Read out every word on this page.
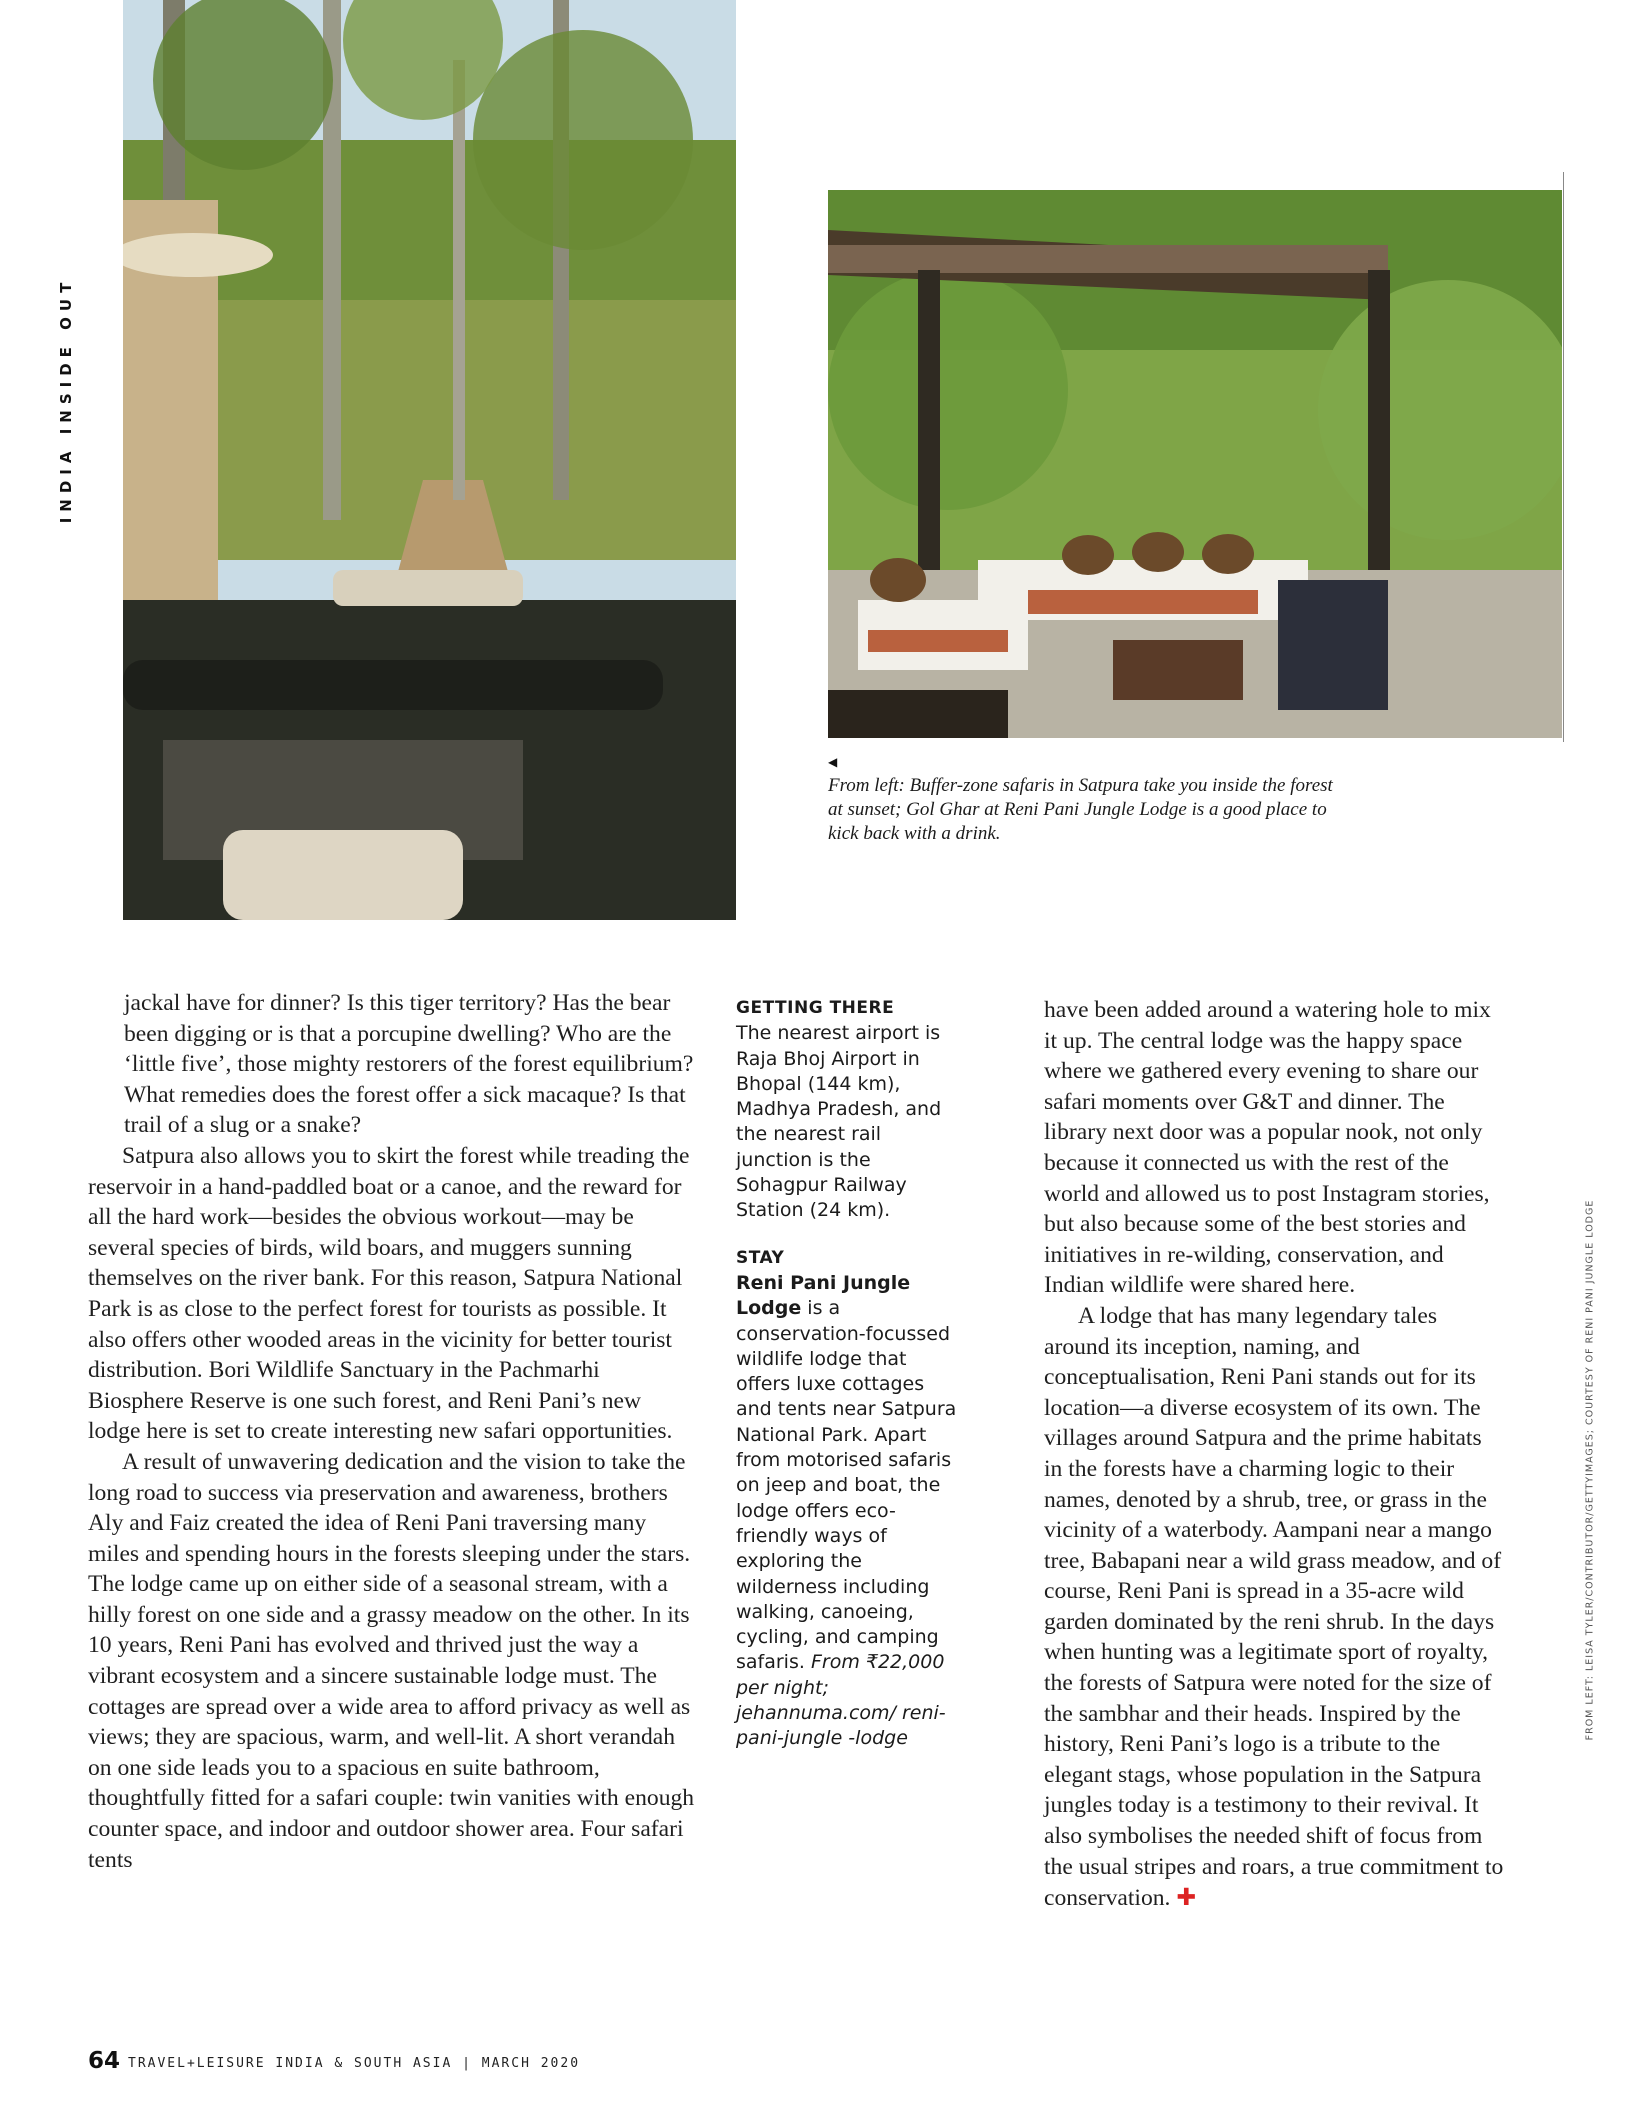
INDIA INSIDE OUT
◀
From left: Buffer-zone safaris in Satpura take you inside the forest at sunset; Gol Ghar at Reni Pani Jungle Lodge is a good place to kick back with a drink.

jackal have for dinner? Is this tiger territory? Has the bear been digging or is that a porcupine dwelling? Who are the ‘little five’, those mighty restorers of the forest equilibrium? What remedies does the forest offer a sick macaque? Is that trail of a slug or a snake?

Satpura also allows you to skirt the forest while treading the reservoir in a hand-paddled boat or a canoe, and the reward for all the hard work—besides the obvious workout—may be several species of birds, wild boars, and muggers sunning themselves on the river bank. For this reason, Satpura National Park is as close to the perfect forest for tourists as possible. It also offers other wooded areas in the vicinity for better tourist distribution. Bori Wildlife Sanctuary in the Pachmarhi Biosphere Reserve is one such forest, and Reni Pani’s new lodge here is set to create interesting new safari opportunities.

A result of unwavering dedication and the vision to take the long road to success via preservation and awareness, brothers Aly and Faiz created the idea of Reni Pani traversing many miles and spending hours in the forests sleeping under the stars. The lodge came up on either side of a seasonal stream, with a hilly forest on one side and a grassy meadow on the other. In its 10 years, Reni Pani has evolved and thrived just the way a vibrant ecosystem and a sincere sustainable lodge must. The cottages are spread over a wide area to afford privacy as well as views; they are spacious, warm, and well-lit. A short verandah on one side leads you to a spacious en suite bathroom, thoughtfully fitted for a safari couple: twin vanities with enough counter space, and indoor and outdoor shower area. Four safari tents

GETTING THERE
The nearest airport is Raja Bhoj Airport in Bhopal (144 km), Madhya Pradesh, and the nearest rail junction is the Sohagpur Railway Station (24 km).
STAY
Reni Pani Jungle Lodge is a conservation-focussed wildlife lodge that offers luxe cottages and tents near Satpura National Park. Apart from motorised safaris on jeep and boat, the lodge offers eco-friendly ways of exploring the wilderness including walking, canoeing, cycling, and camping safaris. From ₹22,000 per night; jehannuma.com/ reni-pani-jungle -lodge

have been added around a watering hole to mix it up. The central lodge was the happy space where we gathered every evening to share our safari moments over G&T and dinner. The library next door was a popular nook, not only because it connected us with the rest of the world and allowed us to post Instagram stories, but also because some of the best stories and initiatives in re-wilding, conservation, and Indian wildlife were shared here.

A lodge that has many legendary tales around its inception, naming, and conceptualisation, Reni Pani stands out for its location—a diverse ecosystem of its own. The villages around Satpura and the prime habitats in the forests have a charming logic to their names, denoted by a shrub, tree, or grass in the vicinity of a waterbody. Aampani near a mango tree, Babapani near a wild grass meadow, and of course, Reni Pani is spread in a 35-acre wild garden dominated by the reni shrub. In the days when hunting was a legitimate sport of royalty, the forests of Satpura were noted for the size of the sambhar and their heads. Inspired by the history, Reni Pani’s logo is a tribute to the elegant stags, whose population in the Satpura jungles today is a testimony to their revival. It also symbolises the needed shift of focus from the usual stripes and roars, a true commitment to conservation. ✚

FROM LEFT: LEISA TYLER/CONTRIBUTOR/GETTYIMAGES; COURTESY OF RENI PANI JUNGLE LODGE
64 TRAVEL+LEISURE INDIA & SOUTH ASIA | MARCH 2020
